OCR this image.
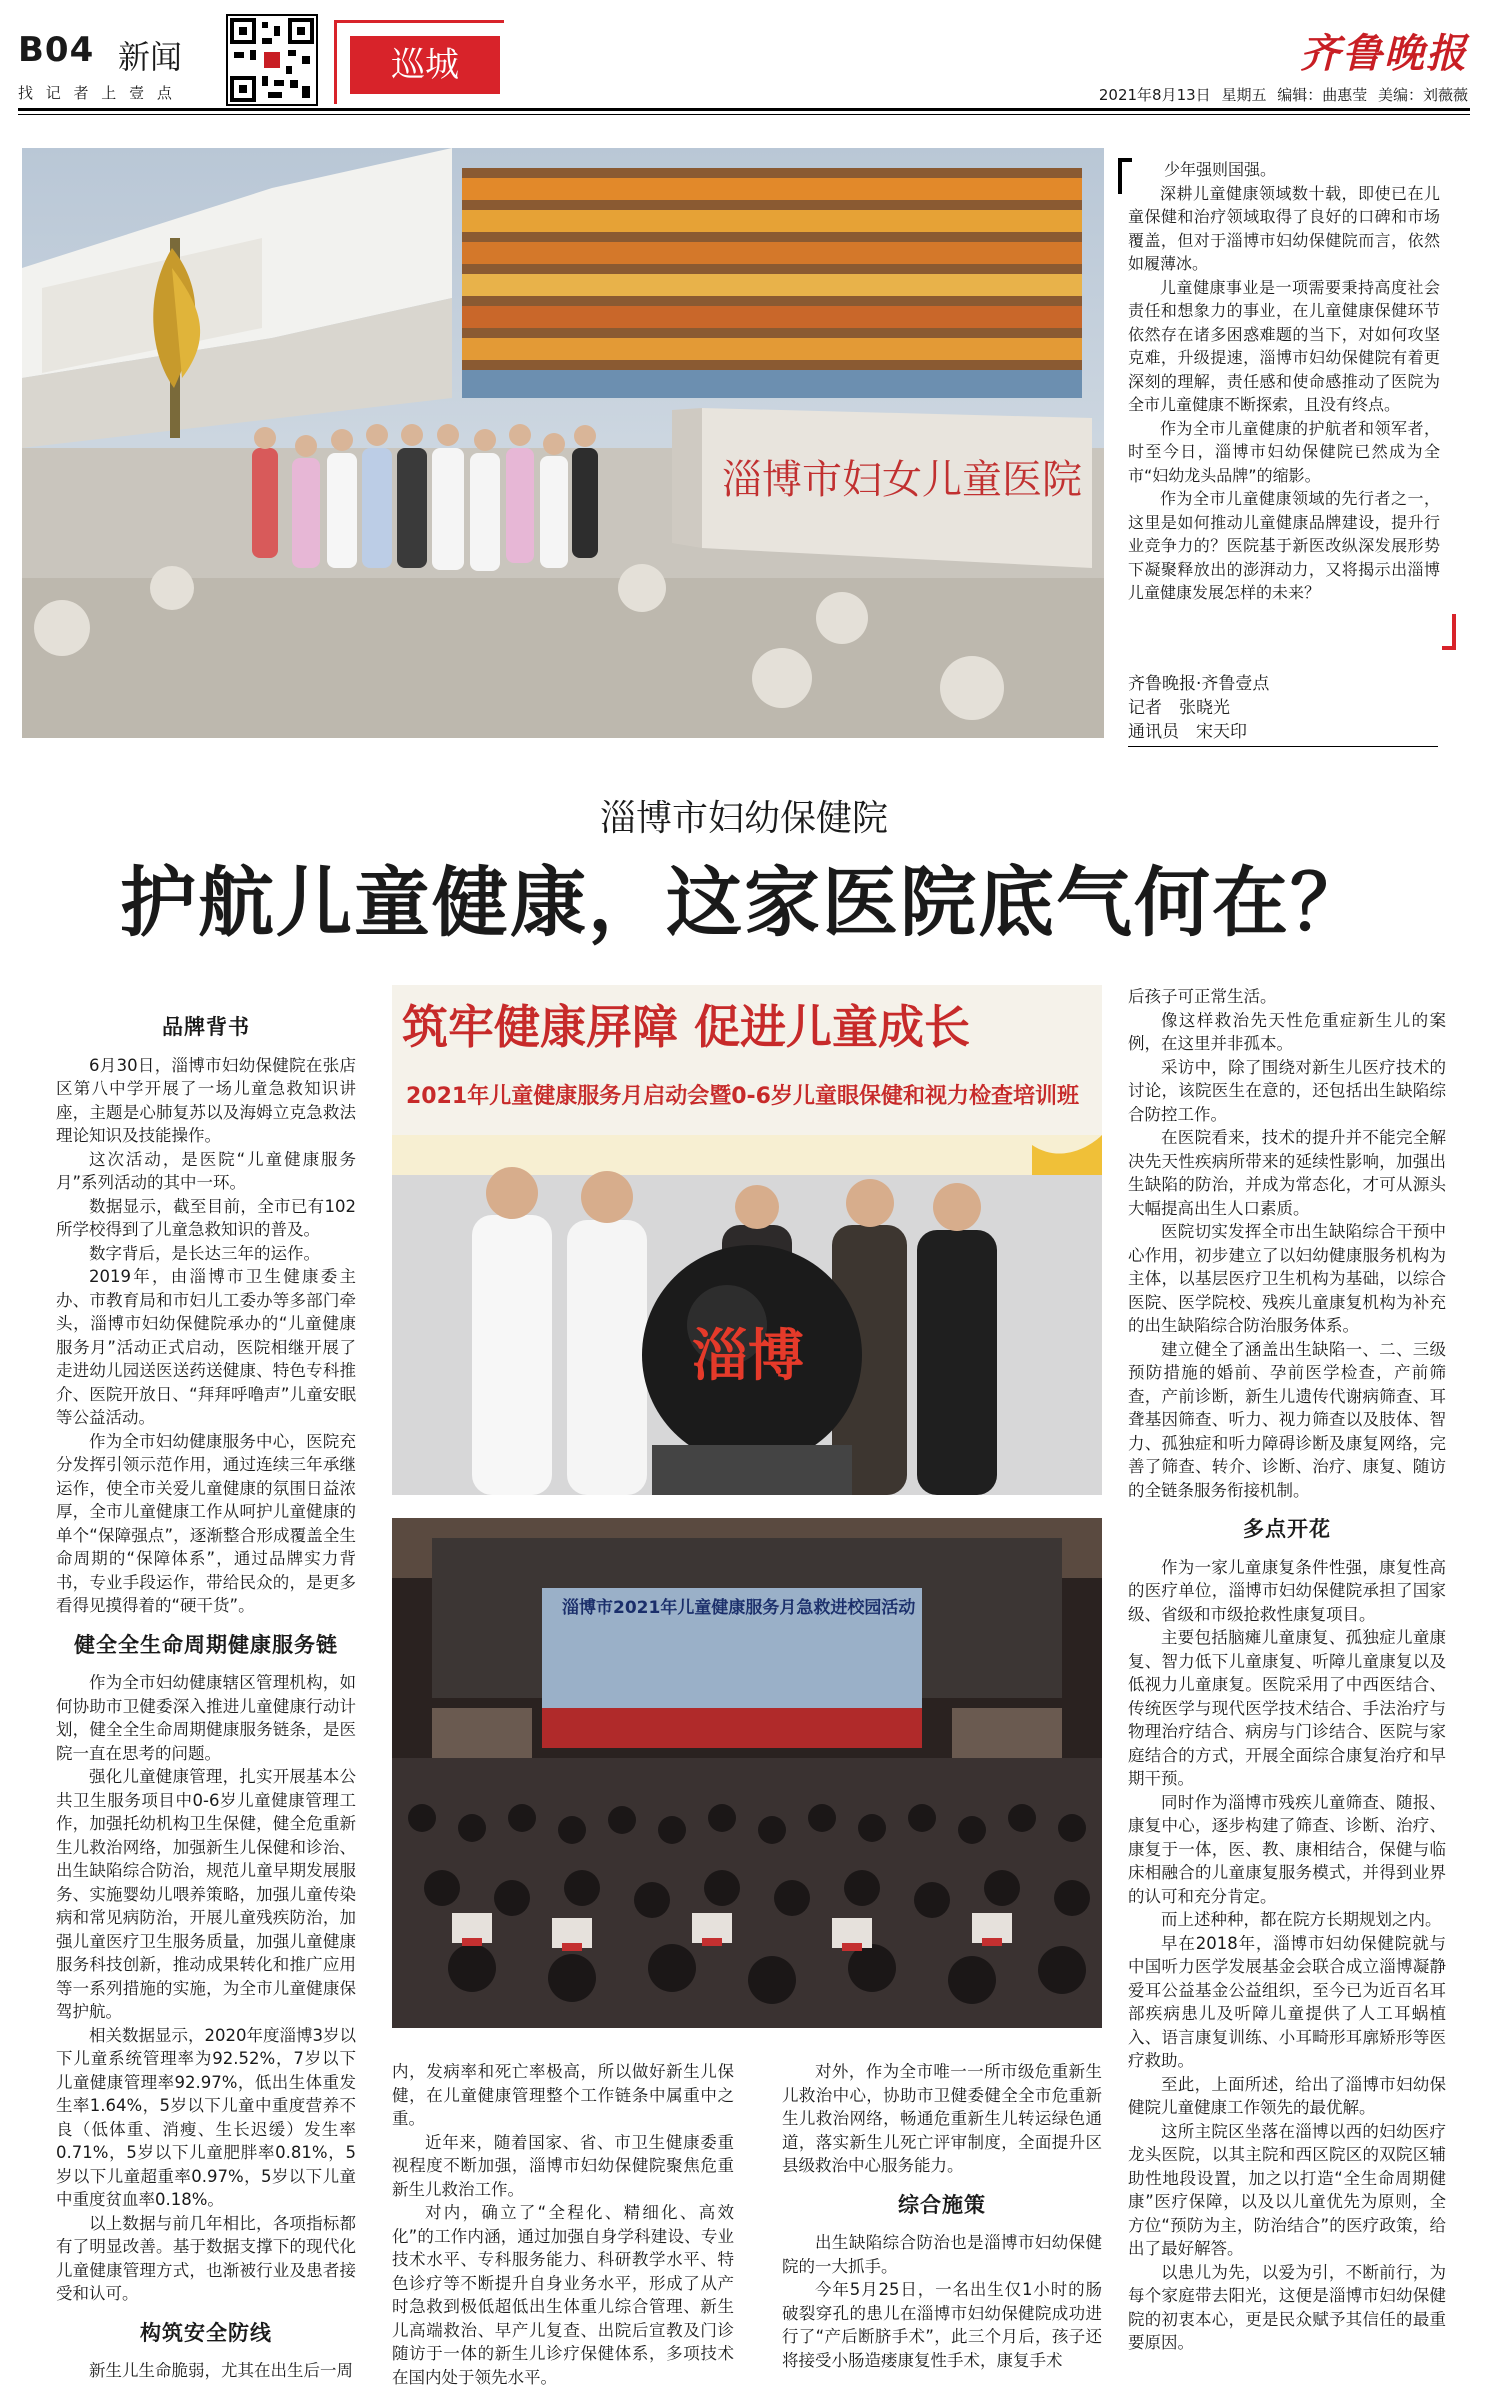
B04 新闻
找 记 者 上 壹 点
巡城	齐鲁晚报
2021年8月13日 星期五 编辑：曲惠莹 美编：刘薇薇
淄博市妇女儿童医院

少年强则国强。

深耕儿童健康领域数十载，即使已在儿童保健和治疗领域取得了良好的口碑和市场覆盖，但对于淄博市妇幼保健院而言，依然如履薄冰。

儿童健康事业是一项需要秉持高度社会责任和想象力的事业，在儿童健康保健环节依然存在诸多困惑难题的当下，对如何攻坚克难，升级提速，淄博市妇幼保健院有着更深刻的理解，责任感和使命感推动了医院为全市儿童健康不断探索，且没有终点。

作为全市儿童健康的护航者和领军者，时至今日，淄博市妇幼保健院已然成为全市“妇幼龙头品牌”的缩影。

作为全市儿童健康领域的先行者之一，这里是如何推动儿童健康品牌建设，提升行业竞争力的？医院基于新医改纵深发展形势下凝聚释放出的澎湃动力，又将揭示出淄博儿童健康发展怎样的未来？

齐鲁晚报·齐鲁壹点
记者　张晓光
通讯员　宋天印
淄博市妇幼保健院
护航儿童健康，这家医院底气何在？
品牌背书

6月30日，淄博市妇幼保健院在张店区第八中学开展了一场儿童急救知识讲座，主题是心肺复苏以及海姆立克急救法理论知识及技能操作。

这次活动，是医院“儿童健康服务月”系列活动的其中一环。

数据显示，截至目前，全市已有102所学校得到了儿童急救知识的普及。

数字背后，是长达三年的运作。

2019年，由淄博市卫生健康委主办、市教育局和市妇儿工委办等多部门牵头，淄博市妇幼保健院承办的“儿童健康服务月”活动正式启动，医院相继开展了走进幼儿园送医送药送健康、特色专科推介、医院开放日、“拜拜呼噜声”儿童安眠等公益活动。

作为全市妇幼健康服务中心，医院充分发挥引领示范作用，通过连续三年承继运作，使全市关爱儿童健康的氛围日益浓厚，全市儿童健康工作从呵护儿童健康的单个“保障强点”，逐渐整合形成覆盖全生命周期的“保障体系”，通过品牌实力背书，专业手段运作，带给民众的，是更多看得见摸得着的“硬干货”。

健全全生命周期健康服务链

作为全市妇幼健康辖区管理机构，如何协助市卫健委深入推进儿童健康行动计划，健全全生命周期健康服务链条，是医院一直在思考的问题。

强化儿童健康管理，扎实开展基本公共卫生服务项目中0-6岁儿童健康管理工作，加强托幼机构卫生保健，健全危重新生儿救治网络，加强新生儿保健和诊治、出生缺陷综合防治，规范儿童早期发展服务、实施婴幼儿喂养策略，加强儿童传染病和常见病防治，开展儿童残疾防治，加强儿童医疗卫生服务质量，加强儿童健康服务科技创新，推动成果转化和推广应用等一系列措施的实施，为全市儿童健康保驾护航。

相关数据显示，2020年度淄博3岁以下儿童系统管理率为92.52%，7岁以下儿童健康管理率92.97%，低出生体重发生率1.64%，5岁以下儿童中重度营养不良（低体重、消瘦、生长迟缓）发生率0.71%，5岁以下儿童肥胖率0.81%，5岁以下儿童超重率0.97%，5岁以下儿童中重度贫血率0.18%。

以上数据与前几年相比，各项指标都有了明显改善。基于数据支撑下的现代化儿童健康管理方式，也渐被行业及患者接受和认可。

构筑安全防线

新生儿生命脆弱，尤其在出生后一周

筑牢健康屏障 促进儿童成长
2021年儿童健康服务月启动会暨0-6岁儿童眼保健和视力检查培训班
淄博
淄博市2021年儿童健康服务月急救进校园活动

内，发病率和死亡率极高，所以做好新生儿保健，在儿童健康管理整个工作链条中属重中之重。

近年来，随着国家、省、市卫生健康委重视程度不断加强，淄博市妇幼保健院聚焦危重新生儿救治工作。

对内，确立了“全程化、精细化、高效化”的工作内涵，通过加强自身学科建设、专业技术水平、专科服务能力、科研教学水平、特色诊疗等不断提升自身业务水平，形成了从产时急救到极低超低出生体重儿综合管理、新生儿高端救治、早产儿复查、出院后宣教及门诊随访于一体的新生儿诊疗保健体系，多项技术在国内处于领先水平。

对外，作为全市唯一一所市级危重新生儿救治中心，协助市卫健委健全全市危重新生儿救治网络，畅通危重新生儿转运绿色通道，落实新生儿死亡评审制度，全面提升区县级救治中心服务能力。

综合施策

出生缺陷综合防治也是淄博市妇幼保健院的一大抓手。

今年5月25日，一名出生仅1小时的肠破裂穿孔的患儿在淄博市妇幼保健院成功进行了“产后断脐手术”，此三个月后，孩子还将接受小肠造瘘康复性手术，康复手术

后孩子可正常生活。

像这样救治先天性危重症新生儿的案例，在这里并非孤本。

采访中，除了围绕对新生儿医疗技术的讨论，该院医生在意的，还包括出生缺陷综合防控工作。

在医院看来，技术的提升并不能完全解决先天性疾病所带来的延续性影响，加强出生缺陷的防治，并成为常态化，才可从源头大幅提高出生人口素质。

医院切实发挥全市出生缺陷综合干预中心作用，初步建立了以妇幼健康服务机构为主体，以基层医疗卫生机构为基础，以综合医院、医学院校、残疾儿童康复机构为补充的出生缺陷综合防治服务体系。

建立健全了涵盖出生缺陷一、二、三级预防措施的婚前、孕前医学检查，产前筛查，产前诊断，新生儿遗传代谢病筛查、耳聋基因筛查、听力、视力筛查以及肢体、智力、孤独症和听力障碍诊断及康复网络，完善了筛查、转介、诊断、治疗、康复、随访的全链条服务衔接机制。

多点开花

作为一家儿童康复条件性强，康复性高的医疗单位，淄博市妇幼保健院承担了国家级、省级和市级抢救性康复项目。

主要包括脑瘫儿童康复、孤独症儿童康复、智力低下儿童康复、听障儿童康复以及低视力儿童康复。医院采用了中西医结合、传统医学与现代医学技术结合、手法治疗与物理治疗结合、病房与门诊结合、医院与家庭结合的方式，开展全面综合康复治疗和早期干预。

同时作为淄博市残疾儿童筛查、随报、康复中心，逐步构建了筛查、诊断、治疗、康复于一体，医、教、康相结合，保健与临床相融合的儿童康复服务模式，并得到业界的认可和充分肯定。

而上述种种，都在院方长期规划之内。

早在2018年，淄博市妇幼保健院就与中国听力医学发展基金会联合成立淄博凝静爱耳公益基金公益组织，至今已为近百名耳部疾病患儿及听障儿童提供了人工耳蜗植入、语言康复训练、小耳畸形耳廓矫形等医疗救助。

至此，上面所述，给出了淄博市妇幼保健院儿童健康工作领先的最优解。

这所主院区坐落在淄博以西的妇幼医疗龙头医院，以其主院和西区院区的双院区辅助性地段设置，加之以打造“全生命周期健康”医疗保障，以及以儿童优先为原则，全方位“预防为主，防治结合”的医疗政策，给出了最好解答。

以患儿为先，以爱为引，不断前行，为每个家庭带去阳光，这便是淄博市妇幼保健院的初衷本心，更是民众赋予其信任的最重要原因。
